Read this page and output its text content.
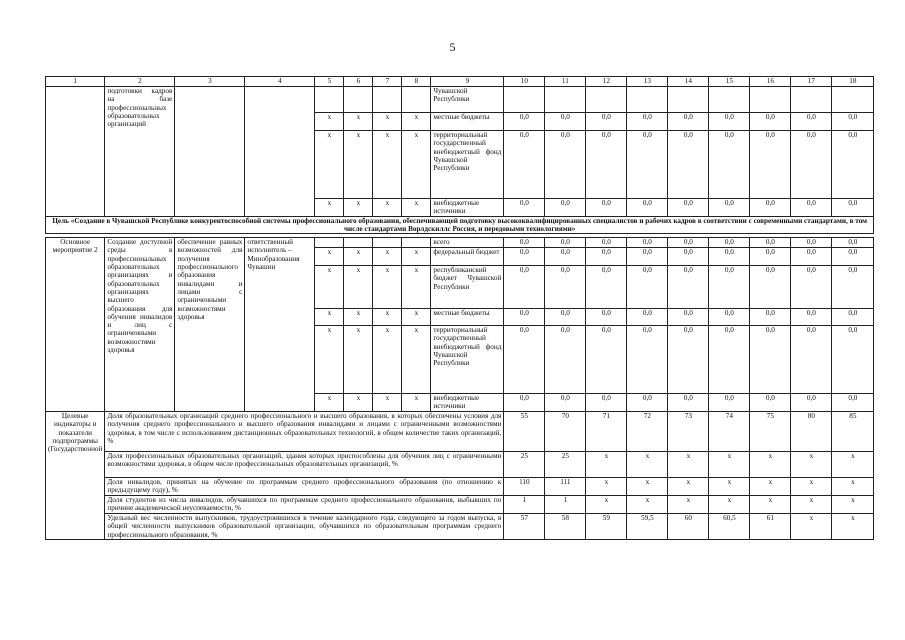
5
1	2	3	4	5	6	7	8	9	10	11	12	13	14	15	16	17	18
	подготовки кадров на базе профессиональных образовательных организаций							Чувашской Республики									
				x	x	x	x	местные бюджеты	0,0	0,0	0,0	0,0	0,0	0,0	0,0	0,0	0,0
				x	x	x	x	территориальный государственный внебюджетный фонд Чувашской Республики	0,0	0,0	0,0	0,0	0,0	0,0	0,0	0,0	0,0
				x	x	x	x	внебюджетные источники	0,0	0,0	0,0	0,0	0,0	0,0	0,0	0,0	0,0
Цель «Создание в Чувашской Республике конкурентоспособной системы профессионального образования, обеспечивающей подготовку высококвалифицированных специалистов и рабочих кадров в соответствии с современными стандартами, в том числе стандартами Ворлдскиллс Россия, и передовыми технологиями»																	

Основное мероприятие 2	Создание доступной среды в профессиональных образовательных организациях и образовательных организациях высшего образования для обучения инвалидов и лиц с ограниченными возможностями здоровья	обеспечение равных возможностей для получения профессионального образования инвалидами и лицами с ограниченными возможностями здоровья	ответственный исполнитель – Минобразования Чувашии					всего	0,0	0,0	0,0	0,0	0,0	0,0	0,0	0,0	0,0
				x	x	x	x	федеральный бюджет	0,0	0,0	0,0	0,0	0,0	0,0	0,0	0,0	0,0
				x	x	x	x	республиканский бюджет Чувашской Республики	0,0	0,0	0,0	0,0	0,0	0,0	0,0	0,0	0,0
				x	x	x	x	местные бюджеты	0,0	0,0	0,0	0,0	0,0	0,0	0,0	0,0	0,0
				x	x	x	x	территориальный государственный внебюджетный фонд Чувашской Республики	0,0	0,0	0,0	0,0	0,0	0,0	0,0	0,0	0,0
				x	x	x	x	внебюджетные источники	0,0	0,0	0,0	0,0	0,0	0,0	0,0	0,0	0,0
Целевые индикаторы и показатели подпрограммы (Государственной	Доля образовательных организаций среднего профессионального и высшего образования, в которых обеспечены условия для получения среднего профессионального и высшего образования инвалидами и лицами с ограниченными возможностями здоровья, в том числе с использованием дистанционных образовательных технологий, в общем количестве таких организаций, %								55	70	71	72	73	74	75	80	85
	Доля профессиональных образовательных организаций, здания которых приспособлены для обучения лиц с ограниченными возможностями здоровья, в общем числе профессиональных образовательных организаций, %								25	25	x	x	x	x	x	x	x
	Доля инвалидов, принятых на обучение по программам среднего профессионального образования (по отношению к предыдущему году), %								110	111	x	x	x	x	x	x	x
	Доля студентов из числа инвалидов, обучавшихся по программам среднего профессионального образования, выбывших по причине академической неуспеваемости, %								1	1	x	x	x	x	x	x	x
	Удельный вес численности выпускников, трудоустроившихся в течение календарного года, следующего за годом выпуска, в общей численности выпускников образовательной организации, обучавшихся по образовательным программам среднего профессионального образования, %								57	58	59	59,5	60	60,5	61	x	x
